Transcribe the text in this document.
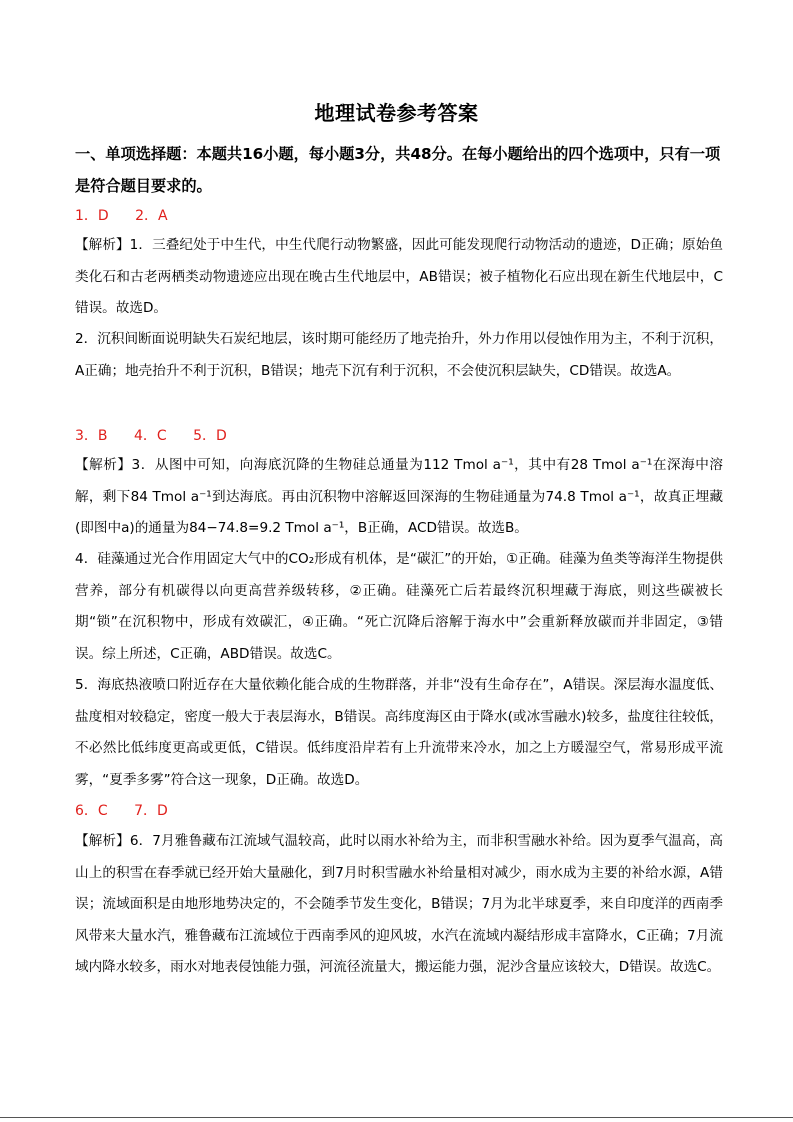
地理试卷参考答案
一、单项选择题：本题共16小题，每小题3分，共48分。在每小题给出的四个选项中，只有一项是符合题目要求的。
1．D 2．A
【解析】1．三叠纪处于中生代，中生代爬行动物繁盛，因此可能发现爬行动物活动的遗迹，D正确；原始鱼类化石和古老两栖类动物遗迹应出现在晚古生代地层中，AB错误；被子植物化石应出现在新生代地层中，C错误。故选D。
2．沉积间断面说明缺失石炭纪地层，该时期可能经历了地壳抬升，外力作用以侵蚀作用为主，不利于沉积，A正确；地壳抬升不利于沉积，B错误；地壳下沉有利于沉积，不会使沉积层缺失，CD错误。故选A。
3．B 4．C 5．D
【解析】3．从图中可知，向海底沉降的生物硅总通量为112 Tmol a⁻¹，其中有28 Tmol a⁻¹在深海中溶解，剩下84 Tmol a⁻¹到达海底。再由沉积物中溶解返回深海的生物硅通量为74.8 Tmol a⁻¹，故真正埋藏(即图中a)的通量为84−74.8=9.2 Tmol a⁻¹，B正确，ACD错误。故选B。
4．硅藻通过光合作用固定大气中的CO₂形成有机体，是“碳汇”的开始，①正确。硅藻为鱼类等海洋生物提供营养，部分有机碳得以向更高营养级转移，②正确。硅藻死亡后若最终沉积埋藏于海底，则这些碳被长期“锁”在沉积物中，形成有效碳汇，④正确。“死亡沉降后溶解于海水中”会重新释放碳而并非固定，③错误。综上所述，C正确，ABD错误。故选C。
5．海底热液喷口附近存在大量依赖化能合成的生物群落，并非“没有生命存在”，A错误。深层海水温度低、盐度相对较稳定，密度一般大于表层海水，B错误。高纬度海区由于降水(或冰雪融水)较多，盐度往往较低，不必然比低纬度更高或更低，C错误。低纬度沿岸若有上升流带来冷水，加之上方暖湿空气，常易形成平流雾，“夏季多雾”符合这一现象，D正确。故选D。
6．C 7．D
【解析】6．7月雅鲁藏布江流域气温较高，此时以雨水补给为主，而非积雪融水补给。因为夏季气温高，高山上的积雪在春季就已经开始大量融化，到7月时积雪融水补给量相对减少，雨水成为主要的补给水源，A错误；流域面积是由地形地势决定的，不会随季节发生变化，B错误；7月为北半球夏季，来自印度洋的西南季风带来大量水汽，雅鲁藏布江流域位于西南季风的迎风坡，水汽在流域内凝结形成丰富降水，C正确；7月流域内降水较多，雨水对地表侵蚀能力强，河流径流量大，搬运能力强，泥沙含量应该较大，D错误。故选C。
